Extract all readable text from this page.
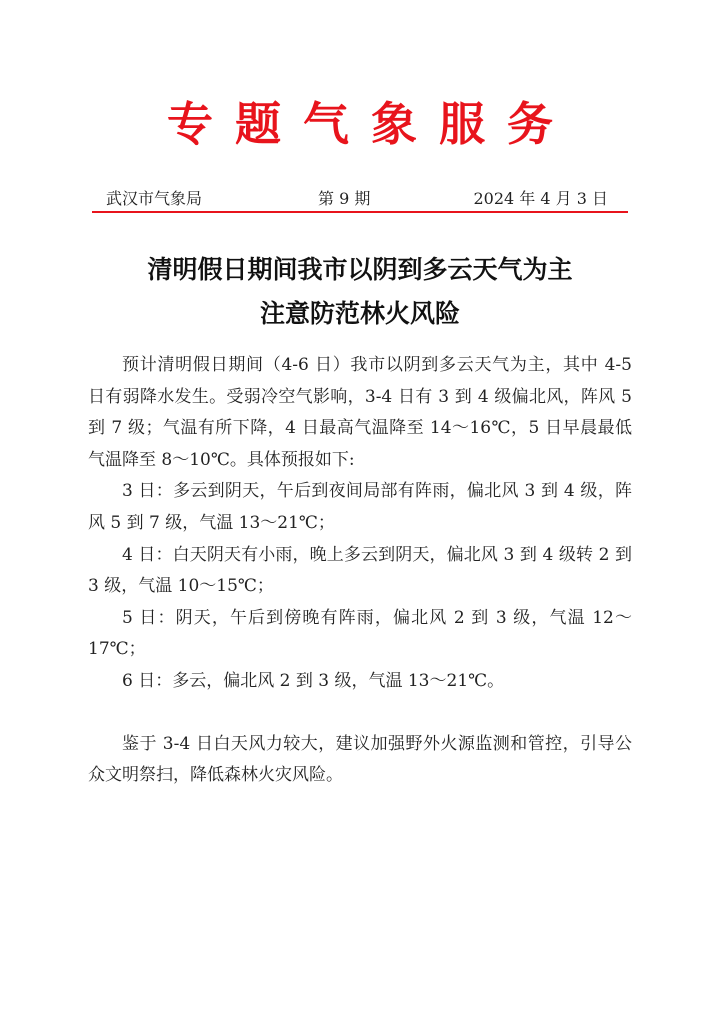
专题气象服务
武汉市气象局	第 9 期	2024 年 4 月 3 日
清明假日期间我市以阴到多云天气为主
注意防范林火风险

预计清明假日期间（4-6 日）我市以阴到多云天气为主，其中 4-5 日有弱降水发生。受弱冷空气影响，3-4 日有 3 到 4 级偏北风，阵风 5 到 7 级；气温有所下降，4 日最高气温降至 14～16℃，5 日早晨最低气温降至 8～10℃。具体预报如下:

3 日：多云到阴天，午后到夜间局部有阵雨，偏北风 3 到 4 级，阵风 5 到 7 级，气温 13～21℃；

4 日：白天阴天有小雨，晚上多云到阴天，偏北风 3 到 4 级转 2 到 3 级，气温 10～15℃；

5 日：阴天，午后到傍晚有阵雨，偏北风 2 到 3 级，气温 12～17℃；

6 日：多云，偏北风 2 到 3 级，气温 13～21℃。

鉴于 3-4 日白天风力较大，建议加强野外火源监测和管控，引导公众文明祭扫，降低森林火灾风险。
